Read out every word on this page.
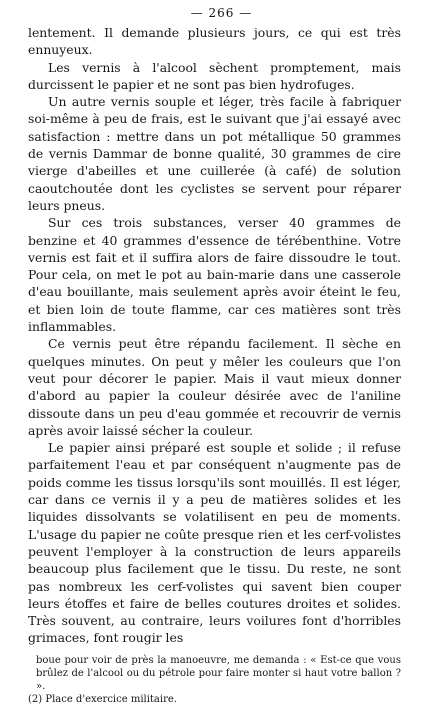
— 266 —

lentement. Il demande plusieurs jours, ce qui est très ennuyeux.

Les vernis à l'alcool sèchent promptement, mais durcissent le papier et ne sont pas bien hydrofuges.

Un autre vernis souple et léger, très facile à fabriquer soi-même à peu de frais, est le suivant que j'ai essayé avec satisfaction : mettre dans un pot métallique 50 grammes de vernis Dammar de bonne qualité, 30 grammes de cire vierge d'abeilles et une cuillerée (à café) de solution caoutchoutée dont les cyclistes se servent pour réparer leurs pneus.

Sur ces trois substances, verser 40 grammes de benzine et 40 grammes d'essence de térébenthine. Votre vernis est fait et il suffira alors de faire dissoudre le tout. Pour cela, on met le pot au bain-marie dans une casserole d'eau bouillante, mais seulement après avoir éteint le feu, et bien loin de toute flamme, car ces matières sont très inflammables.

Ce vernis peut être répandu facilement. Il sèche en quelques minutes. On peut y mêler les couleurs que l'on veut pour décorer le papier. Mais il vaut mieux donner d'abord au papier la couleur désirée avec de l'aniline dissoute dans un peu d'eau gommée et recouvrir de vernis après avoir laissé sécher la couleur.

Le papier ainsi préparé est souple et solide ; il refuse parfaitement l'eau et par conséquent n'augmente pas de poids comme les tissus lorsqu'ils sont mouillés. Il est léger, car dans ce vernis il y a peu de matières solides et les liquides dissolvants se volatilisent en peu de moments. L'usage du papier ne coûte presque rien et les cerf-volistes peuvent l'employer à la construction de leurs appareils beaucoup plus facilement que le tissu. Du reste, ne sont pas nombreux les cerf-volistes qui savent bien couper leurs étoffes et faire de belles coutures droites et solides. Très souvent, au contraire, leurs voilures font d'horribles grimaces, font rougir les

boue pour voir de près la manoeuvre, me demanda : « Est-ce que vous brûlez de l'alcool ou du pétrole pour faire monter si haut votre ballon ? ».

(2) Place d'exercice militaire.
